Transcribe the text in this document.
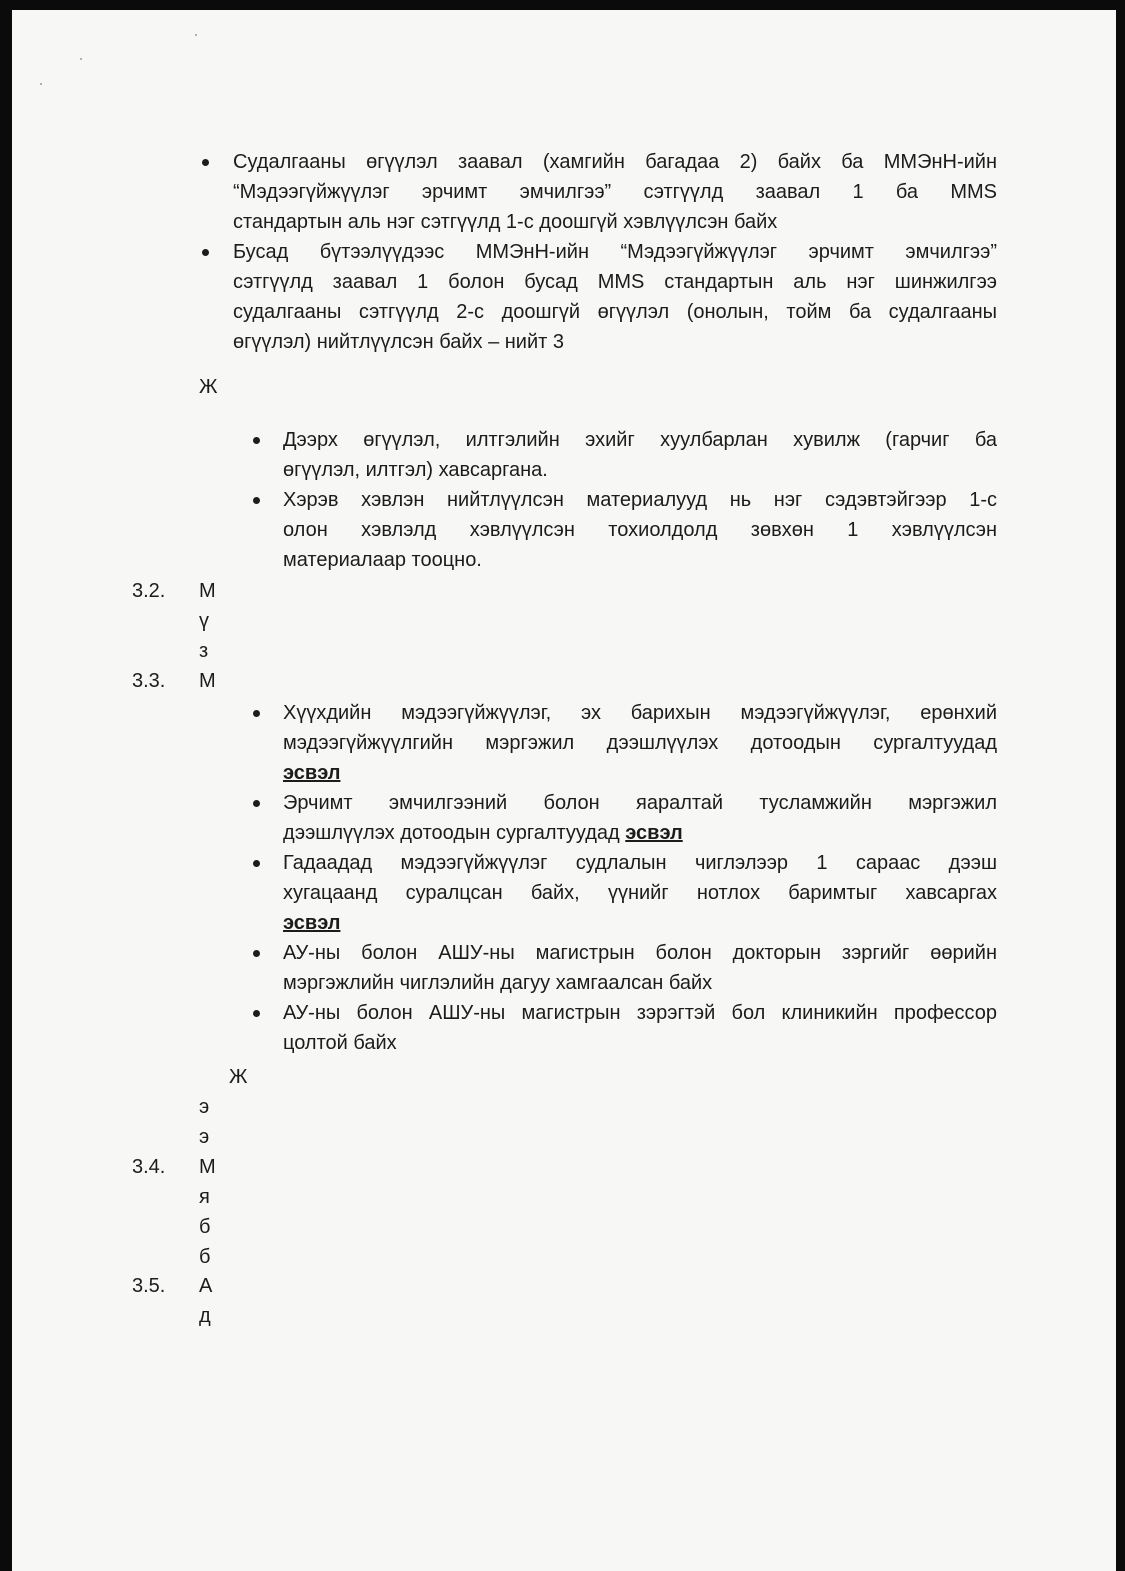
Судалгааны өгүүлэл заавал (хамгийн багадаа 2) байх ба ММЭнН-ийн
“Мэдээгүйжүүлэг эрчимт эмчилгээ” сэтгүүлд заавал 1 ба MMS
стандартын аль нэг сэтгүүлд 1-с доошгүй хэвлүүлсэн байх
Бусад бүтээлүүдээс ММЭнН-ийн “Мэдээгүйжүүлэг эрчимт эмчилгээ”
сэтгүүлд заавал 1 болон бусад MMS стандартын аль нэг шинжилгээ
судалгааны сэтгүүлд 2-с доошгүй өгүүлэл (онолын, тойм ба судалгааны
өгүүлэл) нийтлүүлсэн байх – нийт 3
Ж
Дээрх өгүүлэл, илтгэлийн эхийг хуулбарлан хувилж (гарчиг ба
өгүүлэл, илтгэл) хавсаргана.
Хэрэв хэвлэн нийтлүүлсэн материалууд нь нэг сэдэвтэйгээр 1-с
олон хэвлэлд хэвлүүлсэн тохиолдолд зөвхөн 1 хэвлүүлсэн
материалаар тооцно.
3.2. М
ү
з
3.3. М
Хүүхдийн мэдээгүйжүүлэг, эх барихын мэдээгүйжүүлэг, ерөнхий
мэдээгүйжүүлгийн мэргэжил дээшлүүлэх дотоодын сургалтуудад
эсвэл
Эрчимт эмчилгээний болон яаралтай тусламжийн мэргэжил
дээшлүүлэх дотоодын сургалтуудад эсвэл
Гадаадад мэдээгүйжүүлэг судлалын чиглэлээр 1 сараас дээш
хугацаанд суралцсан байх, үүнийг нотлох баримтыг хавсаргах
эсвэл
АУ-ны болон АШУ-ны магистрын болон докторын зэргийг өөрийн
мэргэжлийн чиглэлийн дагуу хамгаалсан байх
АУ-ны болон АШУ-ны магистрын зэрэгтэй бол клиникийн профессор
цолтой байх
Ж
э
э
3.4. М
я
б
б
3.5. А
д
